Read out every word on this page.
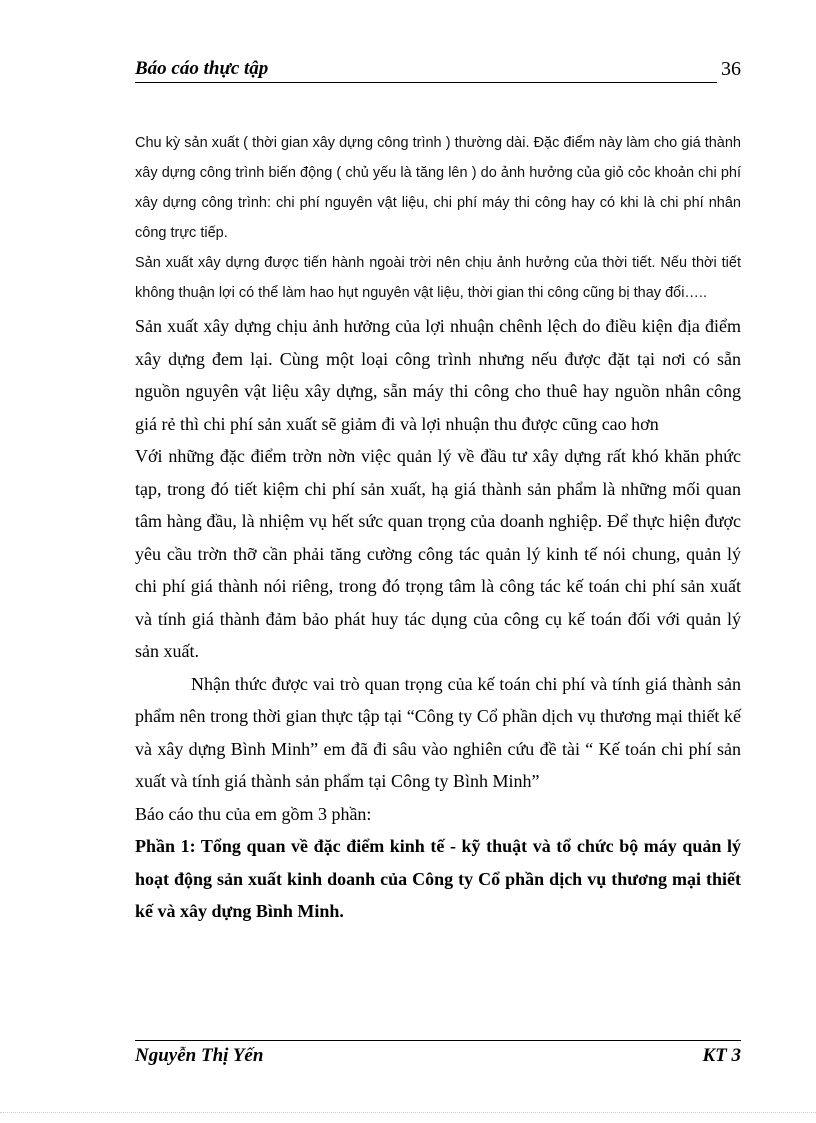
Báo cáo thực tập	36

Chu kỳ sản xuất ( thời gian xây dựng công trình ) thường dài. Đặc điểm này làm cho giá thành xây dựng công trình biến động ( chủ yếu là tăng lên ) do ảnh hưởng của giỏ cỏc khoản chi phí xây dựng công trình: chi phí nguyên vật liệu, chi phí máy thi công hay có khi là chi phí nhân công trực tiếp.

Sản xuất xây dựng được tiến hành ngoài trời nên chịu ảnh hưởng của thời tiết. Nếu thời tiết không thuận lợi có thể làm hao hụt nguyên vật liệu, thời gian thi công cũng bị thay đổi…..

Sản xuất xây dựng chịu ảnh hưởng của lợi nhuận chênh lệch do điều kiện địa điểm xây dựng đem lại. Cùng một loại công trình nhưng nếu được đặt tại nơi có sẵn nguồn nguyên vật liệu xây dựng, sẵn máy thi công cho thuê hay nguồn nhân công giá rẻ thì chi phí sản xuất sẽ giảm đi và lợi nhuận thu được cũng cao hơn

Với những đặc điểm trờn nờn việc quản lý về đầu tư xây dựng rất khó khăn phức tạp, trong đó tiết kiệm chi phí sản xuất, hạ giá thành sản phẩm là những mối quan tâm hàng đầu, là nhiệm vụ hết sức quan trọng của doanh nghiệp. Để thực hiện được yêu cầu trờn thỡ cần phải tăng cường công tác quản lý kinh tế nói chung, quản lý chi phí giá thành nói riêng, trong đó trọng tâm là công tác kế toán chi phí sản xuất và tính giá thành đảm bảo phát huy tác dụng của công cụ kế toán đối với quản lý sản xuất.

Nhận thức được vai trò quan trọng của kế toán chi phí và tính giá thành sản phẩm nên trong thời gian thực tập tại “Công ty Cổ phần dịch vụ thương mại thiết kế và xây dựng Bình Minh” em đã đi sâu vào nghiên cứu đề tài “ Kế toán chi phí sản xuất và tính giá thành sản phẩm tại Công ty Bình Minh”

Báo cáo thu của em gồm 3 phần:

Phần 1: Tổng quan về đặc điểm kinh tế - kỹ thuật và tổ chức bộ máy quản lý hoạt động sản xuất kinh doanh của Công ty Cổ phần dịch vụ thương mại thiết kế và xây dựng Bình Minh.

Nguyễn Thị Yến	KT 3
